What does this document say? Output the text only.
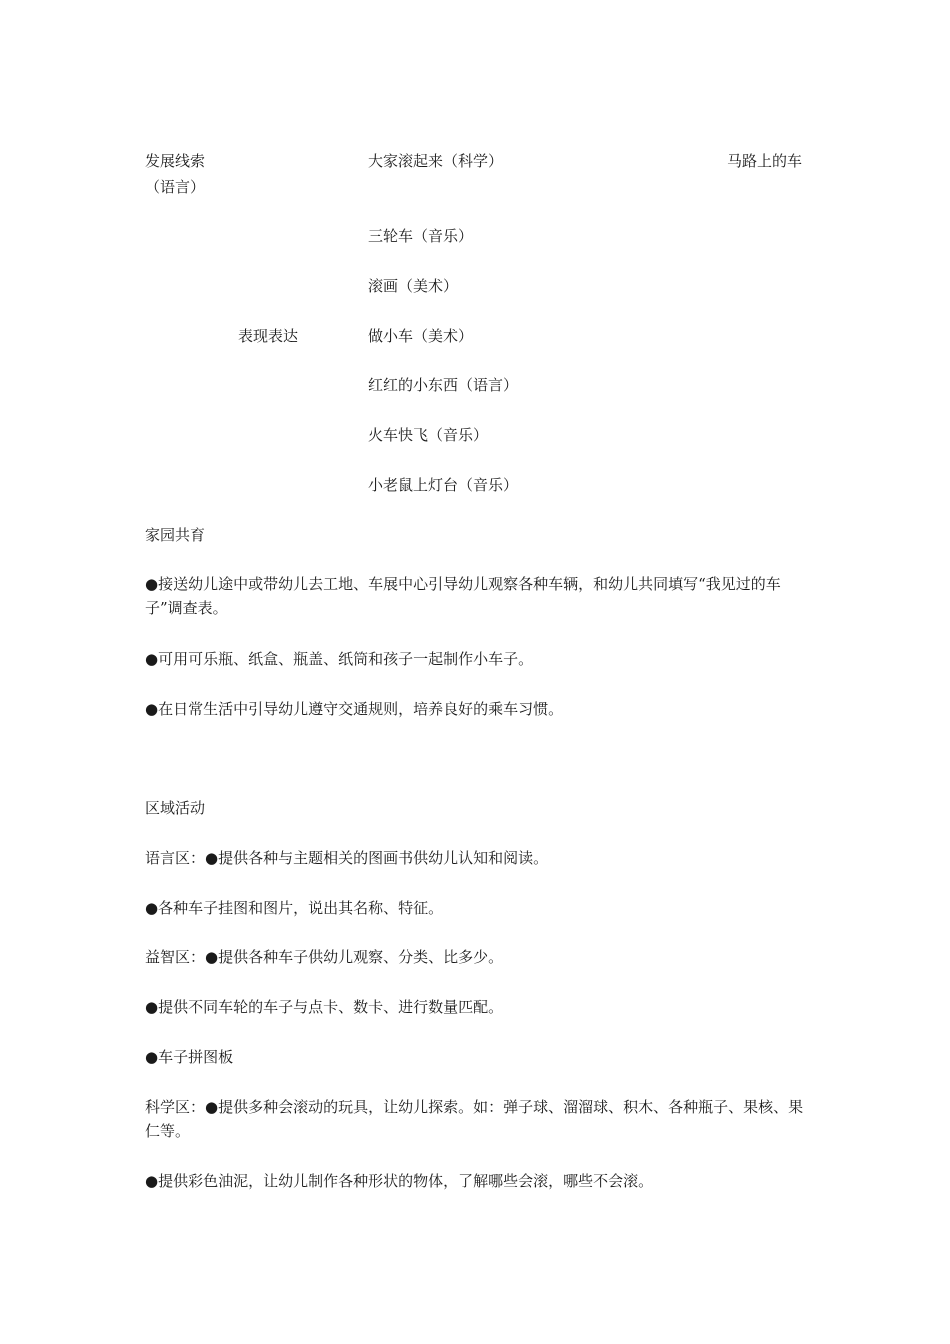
发展线索
（语言）
大家滚起来（科学）	马路上的车
表现表达
三轮车（音乐）
滚画（美术）
做小车（美术）
红红的小东西（语言）
火车快飞（音乐）
小老鼠上灯台（音乐）
家园共育
●接送幼儿途中或带幼儿去工地、车展中心引导幼儿观察各种车辆，和幼儿共同填写“我见过的车子”调查表。
●可用可乐瓶、纸盒、瓶盖、纸筒和孩子一起制作小车子。
●在日常生活中引导幼儿遵守交通规则，培养良好的乘车习惯。
区域活动
语言区：●提供各种与主题相关的图画书供幼儿认知和阅读。
●各种车子挂图和图片，说出其名称、特征。
益智区：●提供各种车子供幼儿观察、分类、比多少。
●提供不同车轮的车子与点卡、数卡、进行数量匹配。
●车子拼图板
科学区：●提供多种会滚动的玩具，让幼儿探索。如：弹子球、溜溜球、积木、各种瓶子、果核、果仁等。
●提供彩色油泥，让幼儿制作各种形状的物体，了解哪些会滚，哪些不会滚。
